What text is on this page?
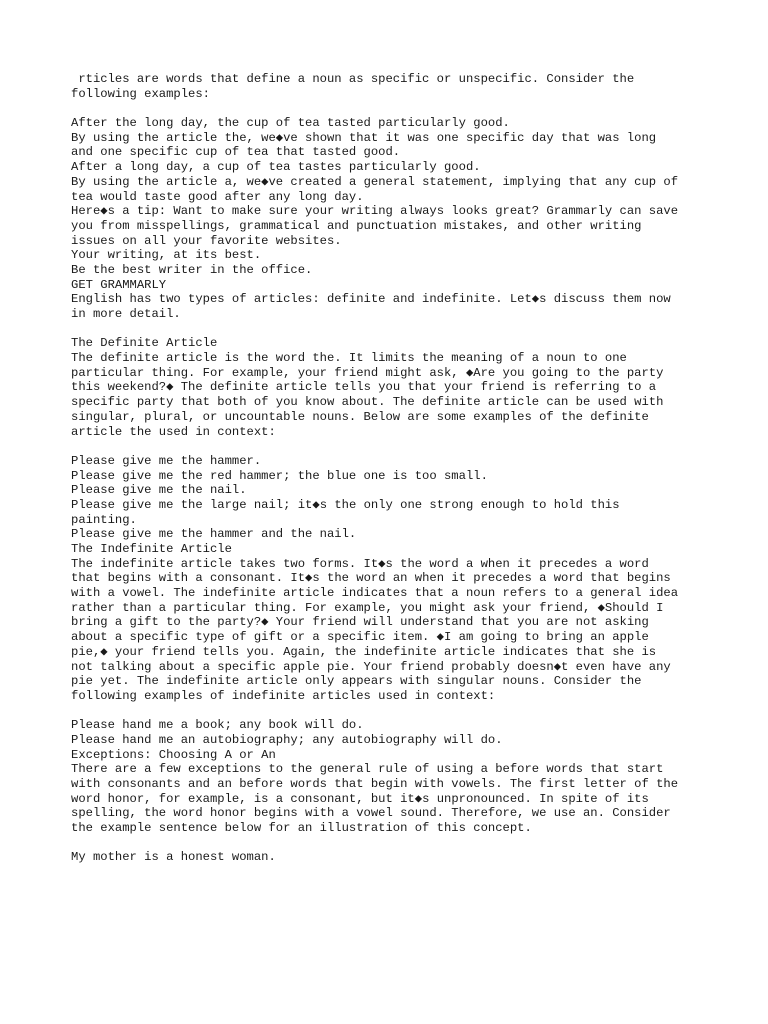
rticles are words that define a noun as specific or unspecific. Consider the
following examples:
After the long day, the cup of tea tasted particularly good.
By using the article the, we◆ve shown that it was one specific day that was long
and one specific cup of tea that tasted good.
After a long day, a cup of tea tastes particularly good.
By using the article a, we◆ve created a general statement, implying that any cup of
tea would taste good after any long day.
Here◆s a tip: Want to make sure your writing always looks great? Grammarly can save
you from misspellings, grammatical and punctuation mistakes, and other writing
issues on all your favorite websites.
Your writing, at its best.
Be the best writer in the office.
GET GRAMMARLY
English has two types of articles: definite and indefinite. Let◆s discuss them now
in more detail.
The Definite Article
The definite article is the word the. It limits the meaning of a noun to one
particular thing. For example, your friend might ask, ◆Are you going to the party
this weekend?◆ The definite article tells you that your friend is referring to a
specific party that both of you know about. The definite article can be used with
singular, plural, or uncountable nouns. Below are some examples of the definite
article the used in context:
Please give me the hammer.
Please give me the red hammer; the blue one is too small.
Please give me the nail.
Please give me the large nail; it◆s the only one strong enough to hold this
painting.
Please give me the hammer and the nail.
The Indefinite Article
The indefinite article takes two forms. It◆s the word a when it precedes a word
that begins with a consonant. It◆s the word an when it precedes a word that begins
with a vowel. The indefinite article indicates that a noun refers to a general idea
rather than a particular thing. For example, you might ask your friend, ◆Should I
bring a gift to the party?◆ Your friend will understand that you are not asking
about a specific type of gift or a specific item. ◆I am going to bring an apple
pie,◆ your friend tells you. Again, the indefinite article indicates that she is
not talking about a specific apple pie. Your friend probably doesn◆t even have any
pie yet. The indefinite article only appears with singular nouns. Consider the
following examples of indefinite articles used in context:
Please hand me a book; any book will do.
Please hand me an autobiography; any autobiography will do.
Exceptions: Choosing A or An
There are a few exceptions to the general rule of using a before words that start
with consonants and an before words that begin with vowels. The first letter of the
word honor, for example, is a consonant, but it◆s unpronounced. In spite of its
spelling, the word honor begins with a vowel sound. Therefore, we use an. Consider
the example sentence below for an illustration of this concept.
My mother is a honest woman.
